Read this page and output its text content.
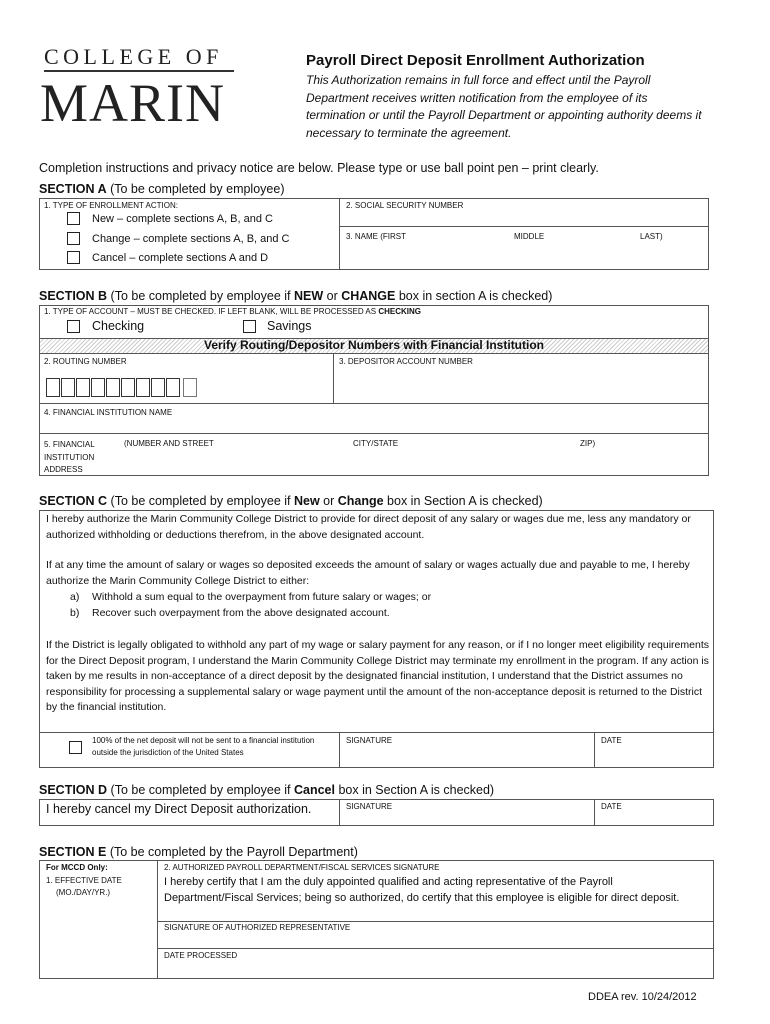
COLLEGE OF
MARIN
Payroll Direct Deposit Enrollment Authorization
This Authorization remains in full force and effect until the Payroll Department receives written notification from the employee of its termination or until the Payroll Department or appointing authority deems it necessary to terminate the agreement.
Completion instructions and privacy notice are below. Please type or use ball point pen – print clearly.
SECTION A (To be completed by employee)
1. TYPE OF ENROLLMENT ACTION:
New – complete sections A, B, and C
Change – complete sections A, B, and C
Cancel – complete sections A and D
2. SOCIAL SECURITY NUMBER
3. NAME (FIRST	MIDDLE	LAST)
SECTION B (To be completed by employee if NEW or CHANGE box in section A is checked)
1. TYPE OF ACCOUNT – MUST BE CHECKED. IF LEFT BLANK, WILL BE PROCESSED AS CHECKING
Checking	Savings
Verify Routing/Depositor Numbers with Financial Institution
2. ROUTING NUMBER	3. DEPOSITOR ACCOUNT NUMBER
4. FINANCIAL INSTITUTION NAME
5. FINANCIAL INSTITUTION ADDRESS
(NUMBER AND STREET	CITY/STATE	ZIP)
SECTION C (To be completed by employee if New or Change box in Section A is checked)
I hereby authorize the Marin Community College District to provide for direct deposit of any salary or wages due me, less any mandatory or authorized withholding or deductions therefrom, in the above designated account.
If at any time the amount of salary or wages so deposited exceeds the amount of salary or wages actually due and payable to me, I hereby authorize the Marin Community College District to either:
a) Withhold a sum equal to the overpayment from future salary or wages; or
b) Recover such overpayment from the above designated account.
If the District is legally obligated to withhold any part of my wage or salary payment for any reason, or if I no longer meet eligibility requirements for the Direct Deposit program, I understand the Marin Community College District may terminate my enrollment in the program. If any action is taken by me results in non-acceptance of a direct deposit by the designated financial institution, I understand that the District assumes no responsibility for processing a supplemental salary or wage payment until the amount of the non-acceptance deposit is returned to the District by the financial institution.
100% of the net deposit will not be sent to a financial institution outside the jurisdiction of the United States
SIGNATURE	DATE
SECTION D (To be completed by employee if Cancel box in Section A is checked)
I hereby cancel my Direct Deposit authorization.	SIGNATURE	DATE
SECTION E (To be completed by the Payroll Department)
For MCCD Only:
1. EFFECTIVE DATE
(MO./DAY/YR.)
2. AUTHORIZED PAYROLL DEPARTMENT/FISCAL SERVICES SIGNATURE
I hereby certify that I am the duly appointed qualified and acting representative of the Payroll Department/Fiscal Services; being so authorized, do certify that this employee is eligible for direct deposit.
SIGNATURE OF AUTHORIZED REPRESENTATIVE
DATE PROCESSED
DDEA rev. 10/24/2012
